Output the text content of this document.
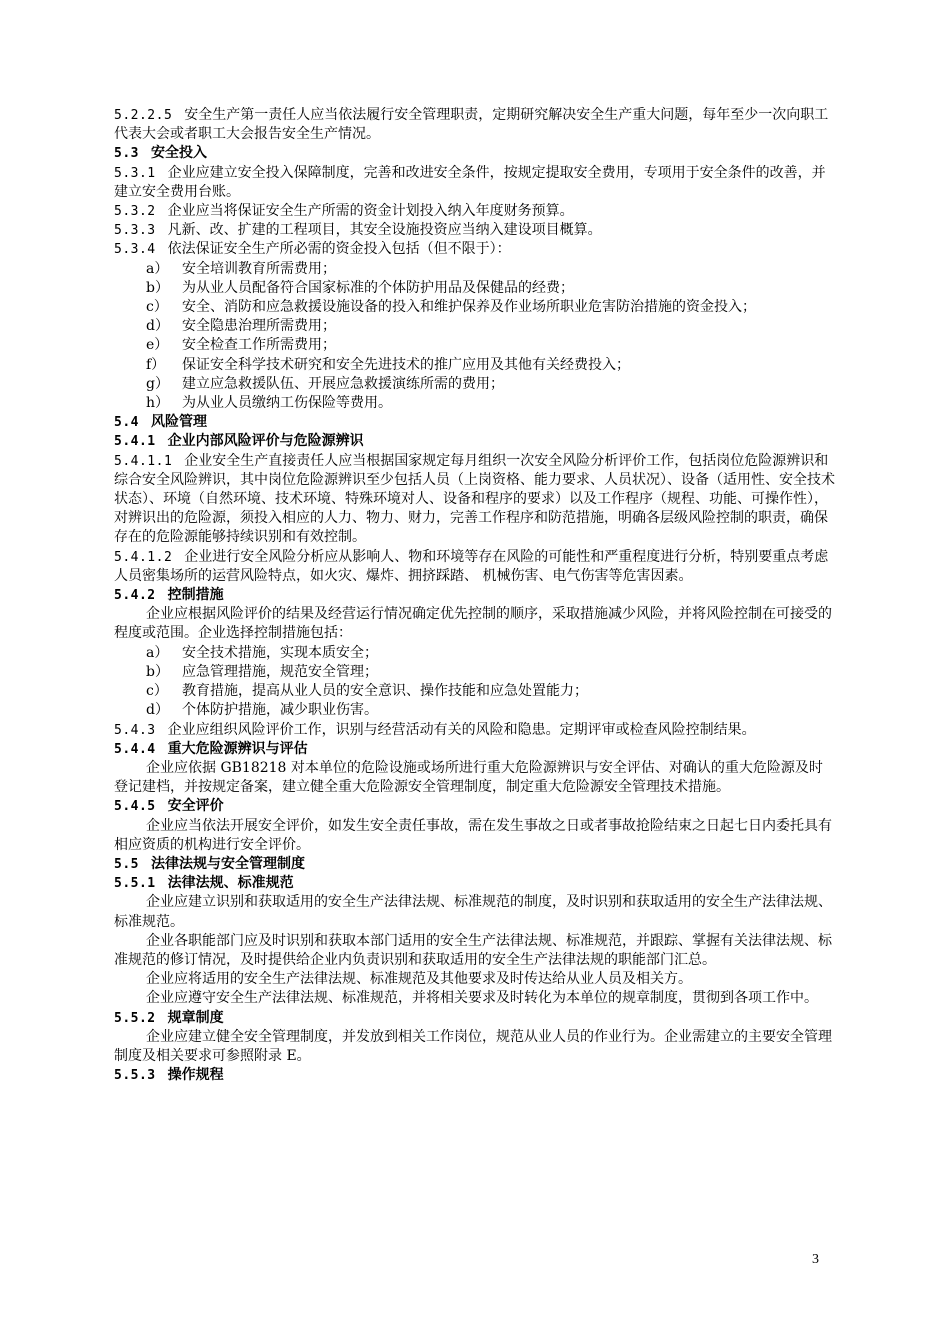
5.2.2.5 安全生产第一责任人应当依法履行安全管理职责，定期研究解决安全生产重大问题，每年至少一次向职工代表大会或者职工大会报告安全生产情况。
5.3 安全投入
5.3.1 企业应建立安全投入保障制度，完善和改进安全条件，按规定提取安全费用，专项用于安全条件的改善，并建立安全费用台账。
5.3.2 企业应当将保证安全生产所需的资金计划投入纳入年度财务预算。
5.3.3 凡新、改、扩建的工程项目，其安全设施投资应当纳入建设项目概算。
5.3.4 依法保证安全生产所必需的资金投入包括（但不限于）：
a） 安全培训教育所需费用；
b） 为从业人员配备符合国家标准的个体防护用品及保健品的经费；
c）	安全、消防和应急救援设施设备的投入和维护保养及作业场所职业危害防治措施的资金投入；
d） 安全隐患治理所需费用；
e） 安全检查工作所需费用；
f）	保证安全科学技术研究和安全先进技术的推广应用及其他有关经费投入；
g） 建立应急救援队伍、开展应急救援演练所需的费用；
h） 为从业人员缴纳工伤保险等费用。
5.4 风险管理
5.4.1 企业内部风险评价与危险源辨识
5.4.1.1 企业安全生产直接责任人应当根据国家规定每月组织一次安全风险分析评价工作，包括岗位危险源辨识和综合安全风险辨识，其中岗位危险源辨识至少包括人员（上岗资格、能力要求、人员状况）、设备（适用性、安全技术状态）、环境（自然环境、技术环境、特殊环境对人、设备和程序的要求）以及工作程序（规程、功能、可操作性），对辨识出的危险源，须投入相应的人力、物力、财力，完善工作程序和防范措施，明确各层级风险控制的职责，确保存在的危险源能够持续识别和有效控制。
5.4.1.2 企业进行安全风险分析应从影响人、物和环境等存在风险的可能性和严重程度进行分析，特别要重点考虑人员密集场所的运营风险特点，如火灾、爆炸、拥挤踩踏、 机械伤害、电气伤害等危害因素。
5.4.2 控制措施
企业应根据风险评价的结果及经营运行情况确定优先控制的顺序，采取措施减少风险，并将风险控制在可接受的程度或范围。企业选择控制措施包括：
a） 安全技术措施，实现本质安全；
b） 应急管理措施，规范安全管理；
c）	教育措施，提高从业人员的安全意识、操作技能和应急处置能力；
d） 个体防护措施，减少职业伤害。
5.4.3 企业应组织风险评价工作，识别与经营活动有关的风险和隐患。定期评审或检查风险控制结果。
5.4.4 重大危险源辨识与评估
企业应依据 GB18218 对本单位的危险设施或场所进行重大危险源辨识与安全评估、对确认的重大危险源及时登记建档，并按规定备案，建立健全重大危险源安全管理制度，制定重大危险源安全管理技术措施。
5.4.5 安全评价
企业应当依法开展安全评价，如发生安全责任事故，需在发生事故之日或者事故抢险结束之日起七日内委托具有相应资质的机构进行安全评价。
5.5 法律法规与安全管理制度
5.5.1 法律法规、标准规范
企业应建立识别和获取适用的安全生产法律法规、标准规范的制度，及时识别和获取适用的安全生产法律法规、标准规范。
企业各职能部门应及时识别和获取本部门适用的安全生产法律法规、标准规范，并跟踪、掌握有关法律法规、标准规范的修订情况，及时提供给企业内负责识别和获取适用的安全生产法律法规的职能部门汇总。
企业应将适用的安全生产法律法规、标准规范及其他要求及时传达给从业人员及相关方。
企业应遵守安全生产法律法规、标准规范，并将相关要求及时转化为本单位的规章制度，贯彻到各项工作中。
5.5.2 规章制度
企业应建立健全安全管理制度，并发放到相关工作岗位，规范从业人员的作业行为。企业需建立的主要安全管理制度及相关要求可参照附录 E。
5.5.3 操作规程
3
